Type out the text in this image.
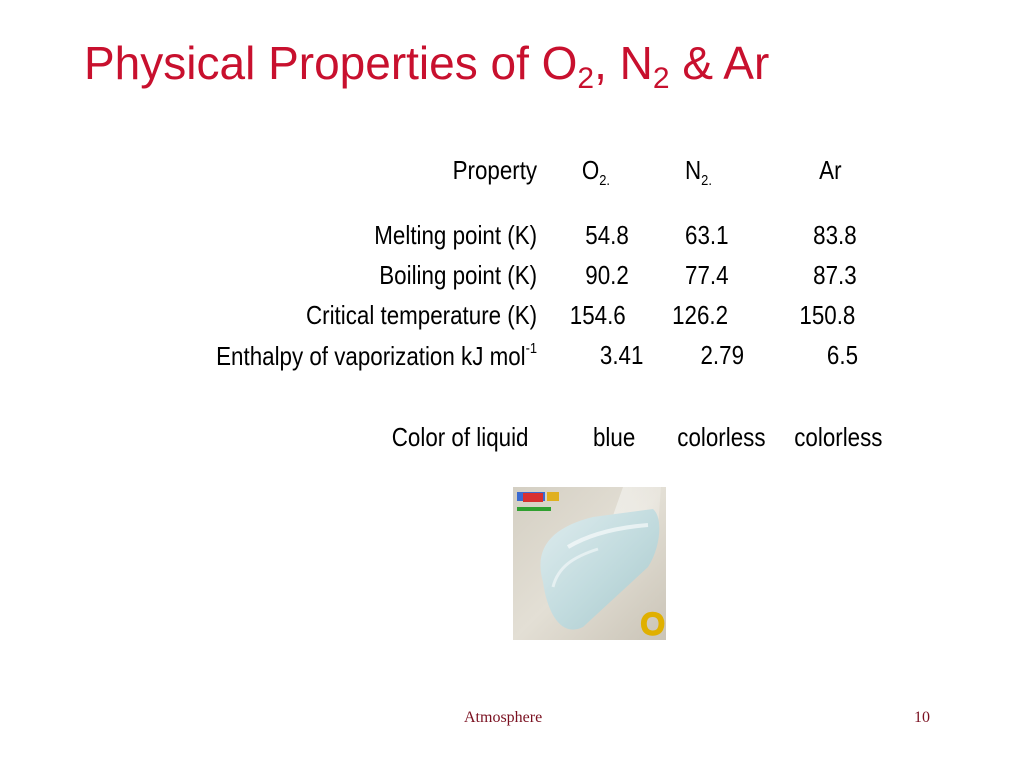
Physical Properties of $O_2$, $N_2$ & Ar
Property $O_{2.}$	$N_{2.}$	Ar
Melting point (K) 54.8 63.1	83.8
Boiling point (K) 90.2 77.4	87.3
Critical temperature (K) 154.6 126.2	150.8
Enthalpy of vaporization kJ mol$^{-1}$ 3.41 2.79	6.5
Color of liquid blue colorless colorless
O
Atmosphere	10
